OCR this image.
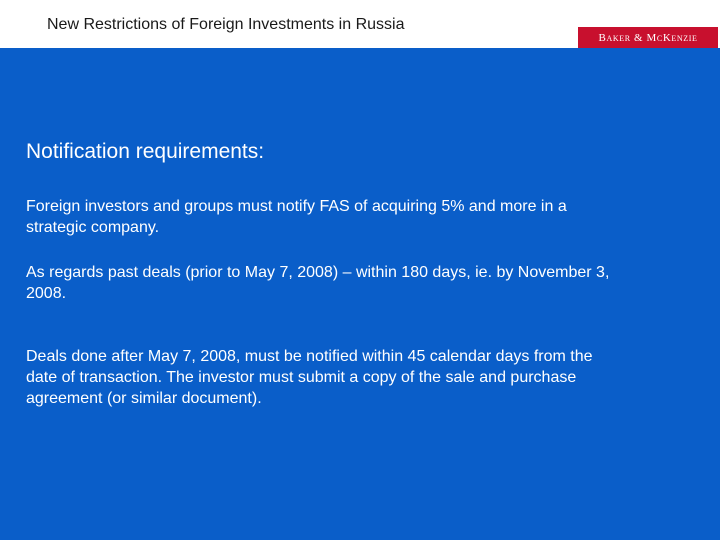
New Restrictions of Foreign Investments in Russia
Baker & McKenzie
Notification requirements:
Foreign investors and groups must notify FAS of acquiring 5% and more in a strategic company.
As regards past deals (prior to May 7, 2008) – within 180 days, ie. by November 3, 2008.
Deals done after May 7, 2008, must be notified within 45 calendar days from the date of transaction. The investor must submit a copy of the sale and purchase agreement (or similar document).
